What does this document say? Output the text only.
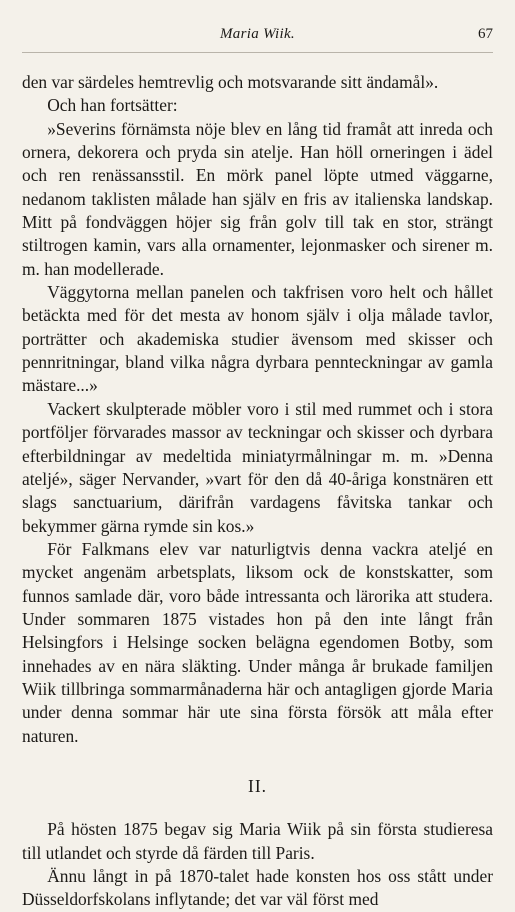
Maria Wiik.	67

den var särdeles hemtrevlig och motsvarande sitt ändamål».

Och han fortsätter:

»Severins förnämsta nöje blev en lång tid framåt att inreda och ornera, dekorera och pryda sin atelje. Han höll orneringen i ädel och ren renässansstil. En mörk panel löpte utmed väggarne, nedanom taklisten målade han själv en fris av italienska landskap. Mitt på fondväggen höjer sig från golv till tak en stor, strängt stiltrogen kamin, vars alla ornamenter, lejonmasker och sirener m. m. han modellerade.

Väggytorna mellan panelen och takfrisen voro helt och hållet betäckta med för det mesta av honom själv i olja målade tavlor, porträtter och akademiska studier ävensom med skisser och pennritningar, bland vilka några dyrbara pennteckningar av gamla mästare...»

Vackert skulpterade möbler voro i stil med rummet och i stora portföljer förvarades massor av teckningar och skisser och dyrbara efterbildningar av medeltida miniatyrmålningar m. m. »Denna ateljé», säger Nervander, »vart för den då 40-åriga konstnären ett slags sanctuarium, därifrån vardagens fåvitska tankar och bekymmer gärna rymde sin kos.»

För Falkmans elev var naturligtvis denna vackra ateljé en mycket angenäm arbetsplats, liksom ock de konstskatter, som funnos samlade där, voro både intressanta och lärorika att studera. Under sommaren 1875 vistades hon på den inte långt från Helsingfors i Helsinge socken belägna egendomen Botby, som innehades av en nära släkting. Under många år brukade familjen Wiik tillbringa sommarmånaderna här och antagligen gjorde Maria under denna sommar här ute sina första försök att måla efter naturen.

II.

På hösten 1875 begav sig Maria Wiik på sin första studieresa till utlandet och styrde då färden till Paris.

Ännu långt in på 1870-talet hade konsten hos oss stått under Düsseldorfskolans inflytande; det var väl först med
